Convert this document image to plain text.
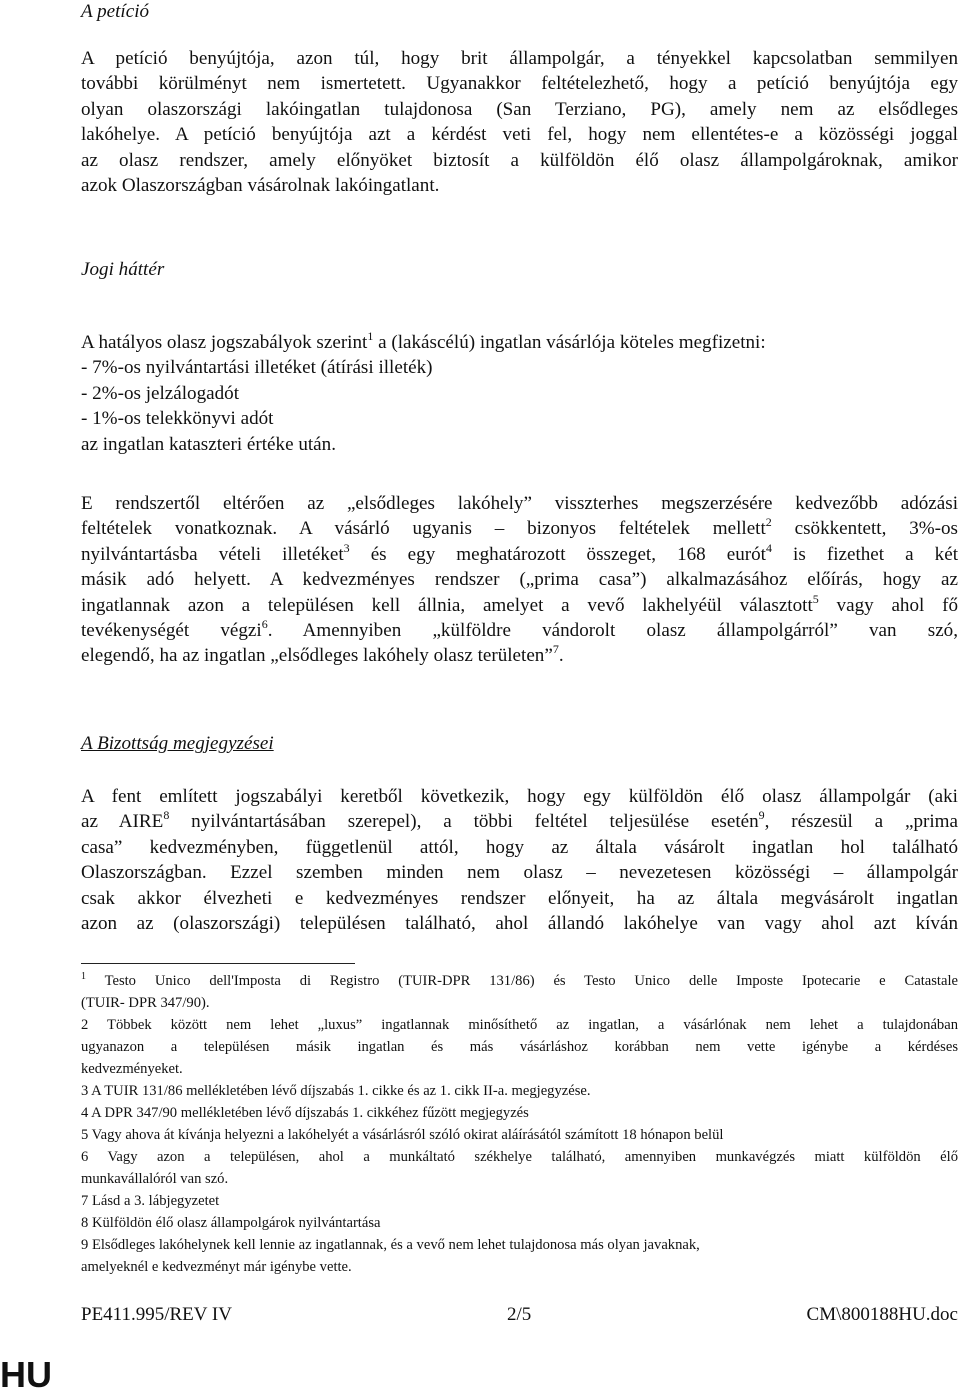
A petíció

A petíció benyújtója, azon túl, hogy brit állampolgár, a tényekkel kapcsolatban semmilyen
további körülményt nem ismertetett. Ugyanakkor feltételezhető, hogy a petíció benyújtója egy
olyan olaszországi lakóingatlan tulajdonosa (San Terziano, PG), amely nem az elsődleges
lakóhelye. A petíció benyújtója azt a kérdést veti fel, hogy nem ellentétes-e a közösségi joggal
az olasz rendszer, amely előnyöket biztosít a külföldön élő olasz állampolgároknak, amikor
azok Olaszországban vásárolnak lakóingatlant.

Jogi háttér

A hatályos olasz jogszabályok szerint$^1$ a (lakáscélú) ingatlan vásárlója köteles megfizetni:
- 7%-os nyilvántartási illetéket (átírási illeték)
- 2%-os jelzálogadót
- 1%-os telekkönyvi adót
az ingatlan kataszteri értéke után.

E rendszertől eltérően az „elsődleges lakóhely” visszterhes megszerzésére kedvezőbb adózási
feltételek vonatkoznak. A vásárló ugyanis – bizonyos feltételek mellett$^2$ csökkentett, 3%-os
nyilvántartásba vételi illetéket$^3$ és egy meghatározott összeget, 168 eurót$^4$ is fizethet a két
másik adó helyett. A kedvezményes rendszer („prima casa”) alkalmazásához előírás, hogy az
ingatlannak azon a településen kell állnia, amelyet a vevő lakhelyéül választott$^5$ vagy ahol fő
tevékenységét végzi$^6$. Amennyiben „külföldre vándorolt olasz állampolgárról” van szó,
elegendő, ha az ingatlan „elsődleges lakóhely olasz területen”$^7$.

A Bizottság megjegyzései

A fent említett jogszabályi keretből következik, hogy egy külföldön élő olasz állampolgár (aki
az AIRE$^8$ nyilvántartásában szerepel), a többi feltétel teljesülése esetén$^9$, részesül a „prima
casa” kedvezményben, függetlenül attól, hogy az általa vásárolt ingatlan hol található
Olaszországban. Ezzel szemben minden nem olasz – nevezetesen közösségi – állampolgár
csak akkor élvezheti e kedvezményes rendszer előnyeit, ha az általa megvásárolt ingatlan
azon az (olaszországi) településen található, ahol állandó lakóhelye van vagy ahol azt kíván

$^1$ Testo Unico dell'Imposta di Registro (TUIR-DPR 131/86) és Testo Unico delle Imposte Ipotecarie e Catastale
(TUIR- DPR 347/90).
2 Többek között nem lehet „luxus” ingatlannak minősíthető az ingatlan, a vásárlónak nem lehet a tulajdonában
ugyanazon a településen másik ingatlan és más vásárláshoz korábban nem vette igénybe a kérdéses
kedvezményeket.
3 A TUIR 131/86 mellékletében lévő díjszabás 1. cikke és az 1. cikk II-a. megjegyzése.
4 A DPR 347/90 mellékletében lévő díjszabás 1. cikkéhez fűzött megjegyzés
5 Vagy ahova át kívánja helyezni a lakóhelyét a vásárlásról szóló okirat aláírásától számított 18 hónapon belül
6 Vagy azon a településen, ahol a munkáltató székhelye található, amennyiben munkavégzés miatt külföldön élő
munkavállalóról van szó.
7 Lásd a 3. lábjegyzetet
8 Külföldön élő olasz állampolgárok nyilvántartása
9 Elsődleges lakóhelynek kell lennie az ingatlannak, és a vevő nem lehet tulajdonosa más olyan javaknak,
amelyeknél e kedvezményt már igénybe vette.

PE411.995/REV IV	2/5	CM\800188HU.doc
HU
